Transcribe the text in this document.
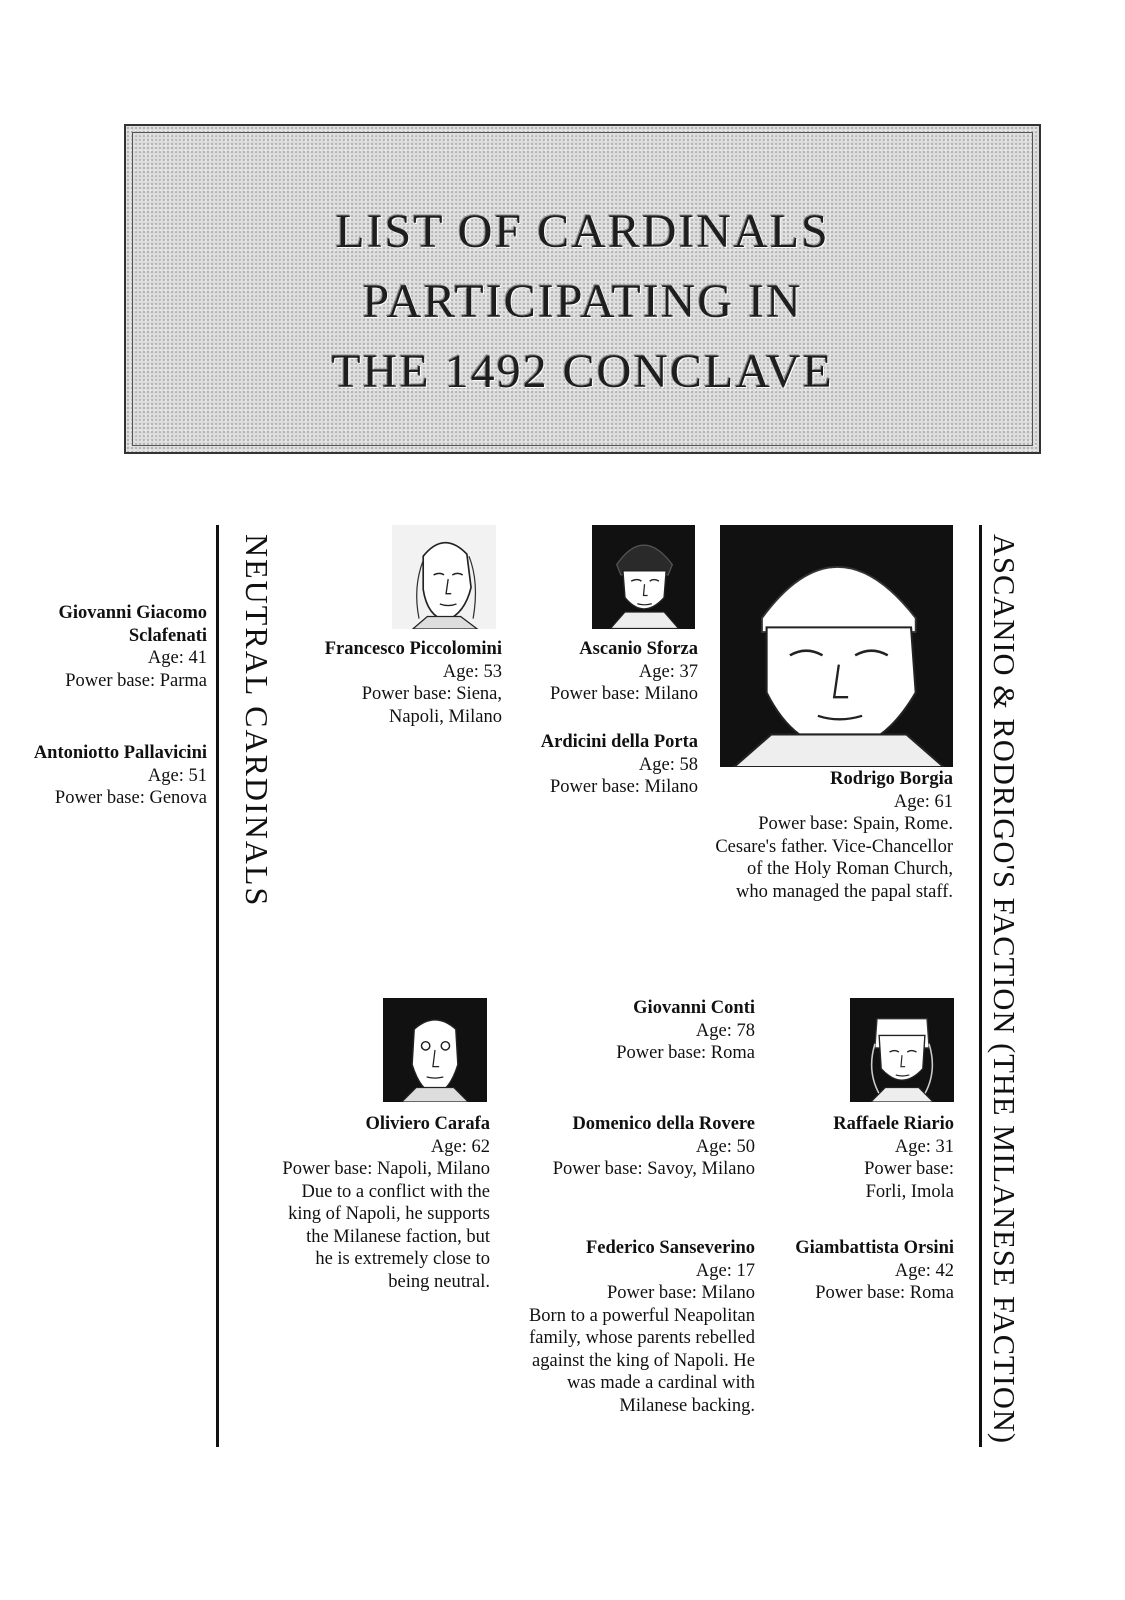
LIST OF CARDINALS
PARTICIPATING IN
THE 1492 CONCLAVE
NEUTRAL CARDINALS	ASCANIO & RODRIGO'S FACTION (THE MILANESE FACTION)
Giovanni Giacomo
Sclafenati
Age: 41
Power base: Parma
Antoniotto Pallavicini
Age: 51
Power base: Genova
Francesco Piccolomini
Age: 53
Power base: Siena,
Napoli, Milano
Ascanio Sforza
Age: 37
Power base: Milano
Ardicini della Porta
Age: 58
Power base: Milano	Rodrigo Borgia
Age: 61
Power base: Spain, Rome.
Cesare's father. Vice-Chancellor
of the Holy Roman Church,
who managed the papal staff.
Oliviero Carafa
Age: 62
Power base: Napoli, Milano
Due to a conflict with the
king of Napoli, he supports
the Milanese faction, but
he is extremely close to
being neutral.
Giovanni Conti
Age: 78
Power base: Roma
Domenico della Rovere
Age: 50
Power base: Savoy, Milano
Federico Sanseverino
Age: 17
Power base: Milano
Born to a powerful Neapolitan
family, whose parents rebelled
against the king of Napoli. He
was made a cardinal with
Milanese backing.
Raffaele Riario
Age: 31
Power base:
Forli, Imola
Giambattista Orsini
Age: 42
Power base: Roma
